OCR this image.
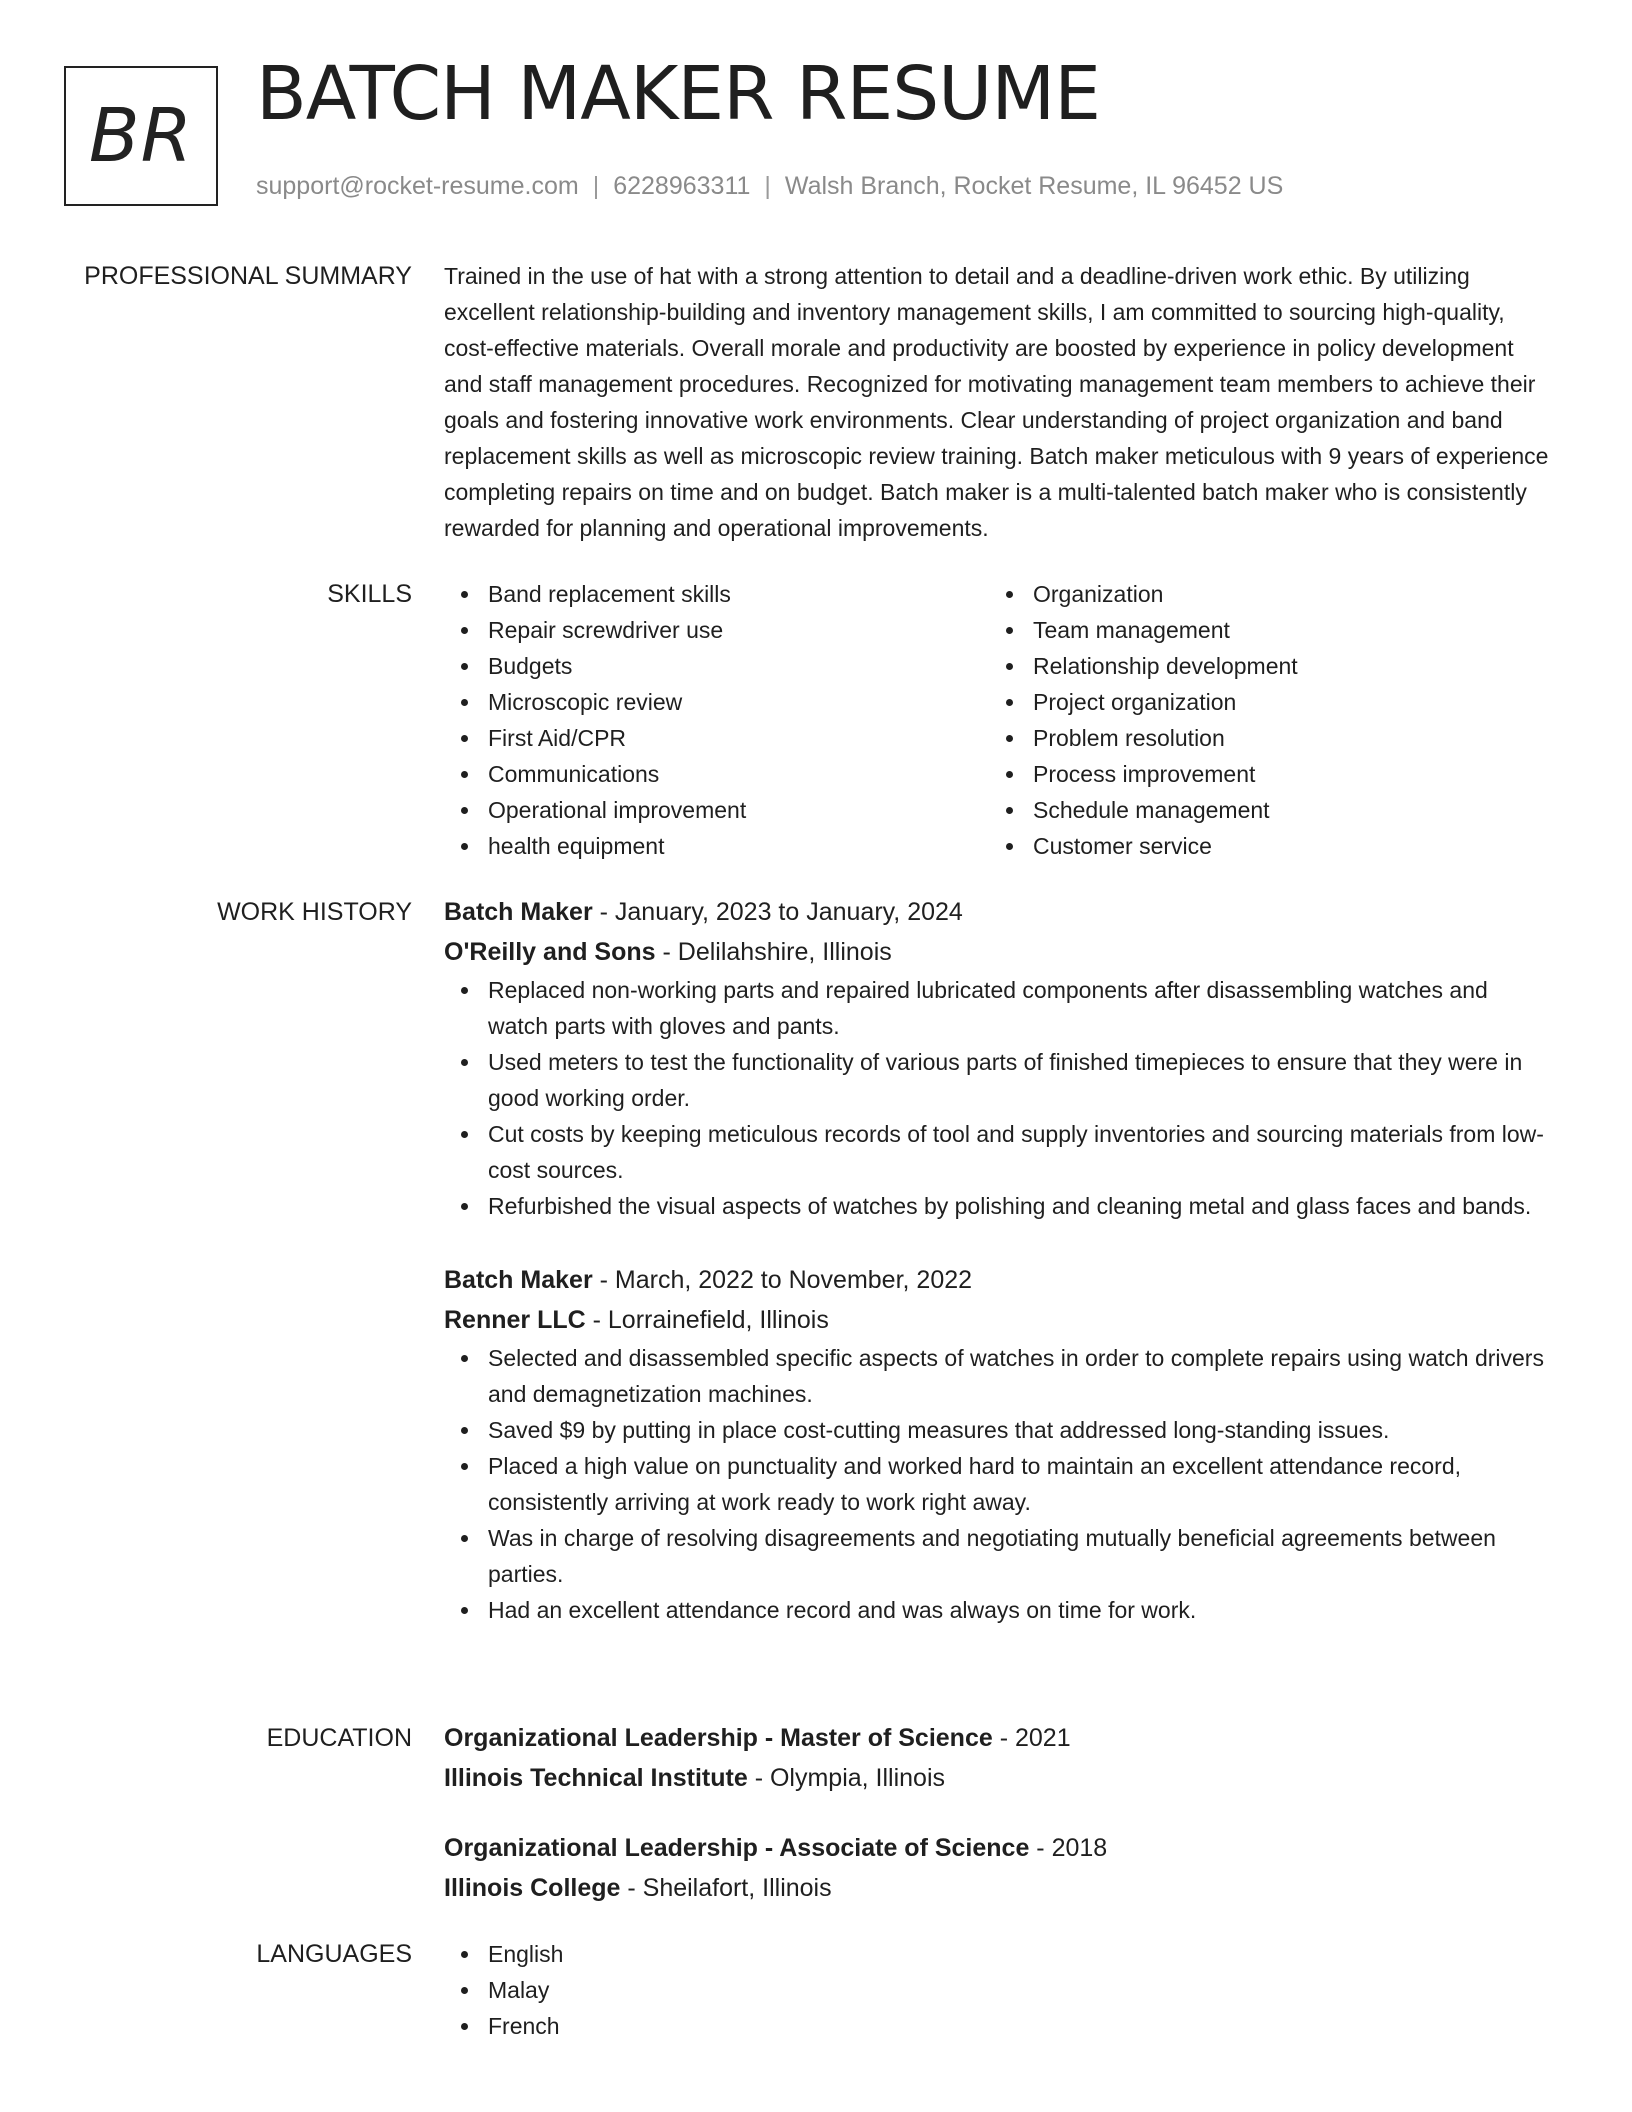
BR BATCH MAKER RESUME
support@rocket-resume.com | 6228963311 | Walsh Branch, Rocket Resume, IL 96452 US
PROFESSIONAL SUMMARY Trained in the use of hat with a strong attention to detail and a deadline-driven work ethic. By utilizing excellent relationship-building and inventory management skills, I am committed to sourcing high-quality, cost-effective materials. Overall morale and productivity are boosted by experience in policy development and staff management procedures. Recognized for motivating management team members to achieve their goals and fostering innovative work environments. Clear understanding of project organization and band replacement skills as well as microscopic review training. Batch maker meticulous with 9 years of experience completing repairs on time and on budget. Batch maker is a multi-talented batch maker who is consistently rewarded for planning and operational improvements.

SKILLS	Band replacement skills
Repair screwdriver use
Budgets
Microscopic review
First Aid/CPR
Communications
Operational improvement
health equipment
Organization
Team management
Relationship development
Project organization
Problem resolution
Process improvement
Schedule management
Customer service
WORK HISTORY Batch Maker - January, 2023 to January, 2024
O'Reilly and Sons - Delilahshire, Illinois
Replaced non-working parts and repaired lubricated components after disassembling watches and watch parts with gloves and pants.
Used meters to test the functionality of various parts of finished timepieces to ensure that they were in good working order.
Cut costs by keeping meticulous records of tool and supply inventories and sourcing materials from low-cost sources.
Refurbished the visual aspects of watches by polishing and cleaning metal and glass faces and bands.
Batch Maker - March, 2022 to November, 2022
Renner LLC - Lorrainefield, Illinois
Selected and disassembled specific aspects of watches in order to complete repairs using watch drivers and demagnetization machines.
Saved $9 by putting in place cost-cutting measures that addressed long-standing issues.
Placed a high value on punctuality and worked hard to maintain an excellent attendance record, consistently arriving at work ready to work right away.
Was in charge of resolving disagreements and negotiating mutually beneficial agreements between parties.
Had an excellent attendance record and was always on time for work.
EDUCATION Organizational Leadership - Master of Science - 2021
Illinois Technical Institute - Olympia, Illinois
Organizational Leadership - Associate of Science - 2018
Illinois College - Sheilafort, Illinois
LANGUAGES	English
Malay
French
